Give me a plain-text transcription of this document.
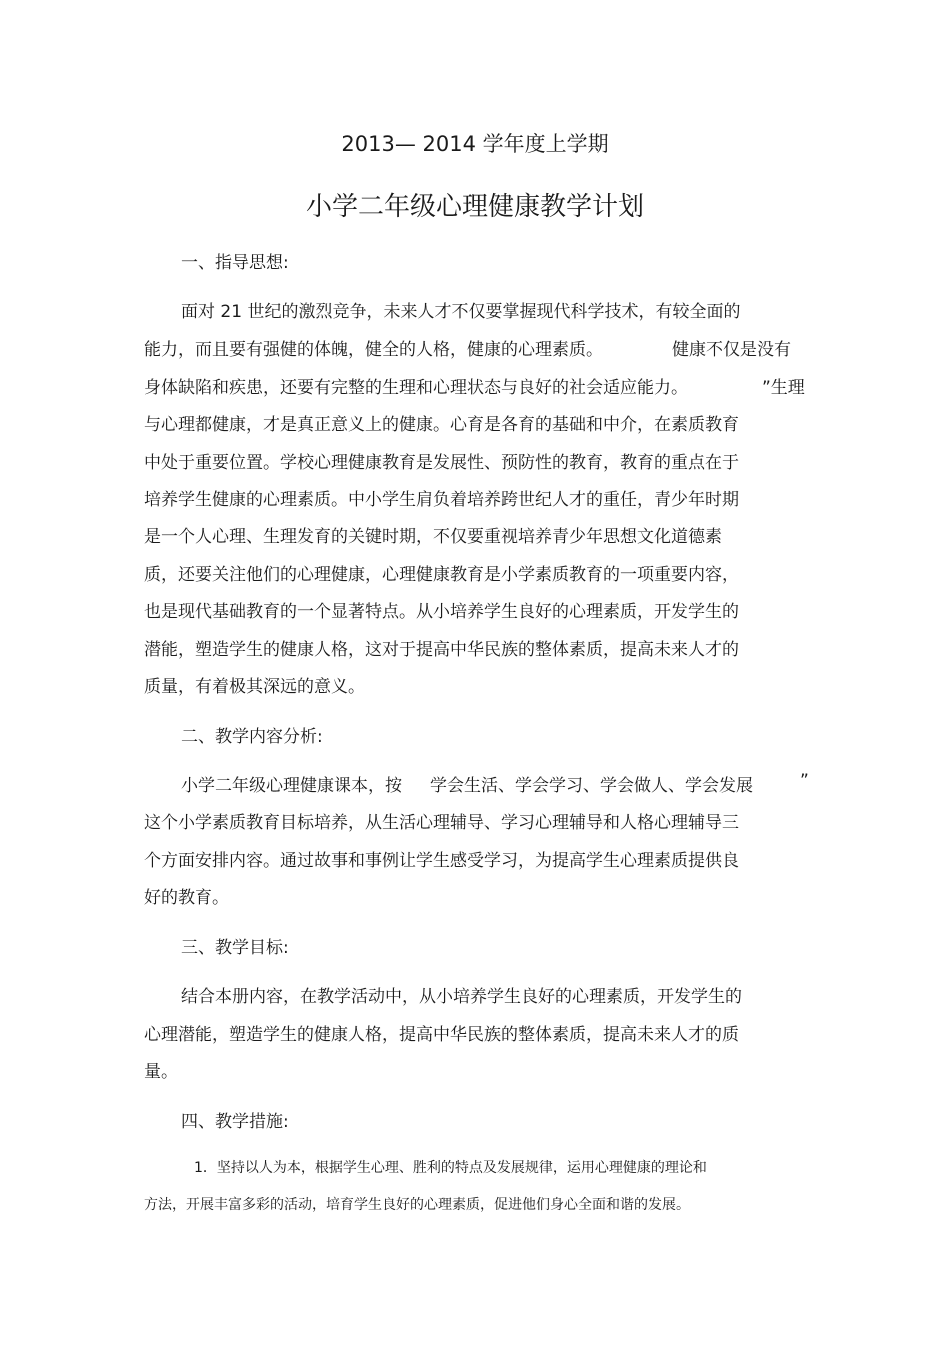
2013— 2014 学年度上学期
小学二年级心理健康教学计划
一、指导思想:
面对 21 世纪的激烈竞争，未来人才不仅要掌握现代科学技术，有较全面的
能力，而且要有强健的体魄，健全的人格，健康的心理素质。	健康不仅是没有
身体缺陷和疾患，还要有完整的生理和心理状态与良好的社会适应能力。	”生理
与心理都健康，才是真正意义上的健康。心育是各育的基础和中介，在素质教育
中处于重要位置。学校心理健康教育是发展性、预防性的教育，教育的重点在于
培养学生健康的心理素质。中小学生肩负着培养跨世纪人才的重任，青少年时期
是一个人心理、生理发育的关键时期，不仅要重视培养青少年思想文化道德素
质，还要关注他们的心理健康，心理健康教育是小学素质教育的一项重要内容，
也是现代基础教育的一个显著特点。从小培养学生良好的心理素质，开发学生的
潜能，塑造学生的健康人格，这对于提高中华民族的整体素质，提高未来人才的
质量，有着极其深远的意义。
二、教学内容分析:
小学二年级心理健康课本，按 学会生活、学会学习、学会做人、学会发展	”
这个小学素质教育目标培养，从生活心理辅导、学习心理辅导和人格心理辅导三
个方面安排内容。通过故事和事例让学生感受学习，为提高学生心理素质提供良
好的教育。
三、教学目标:
结合本册内容，在教学活动中，从小培养学生良好的心理素质，开发学生的
心理潜能，塑造学生的健康人格，提高中华民族的整体素质，提高未来人才的质
量。
四、教学措施:
1．坚持以人为本，根据学生心理、胜利的特点及发展规律，运用心理健康的理论和
方法，开展丰富多彩的活动，培育学生良好的心理素质，促进他们身心全面和谐的发展。
